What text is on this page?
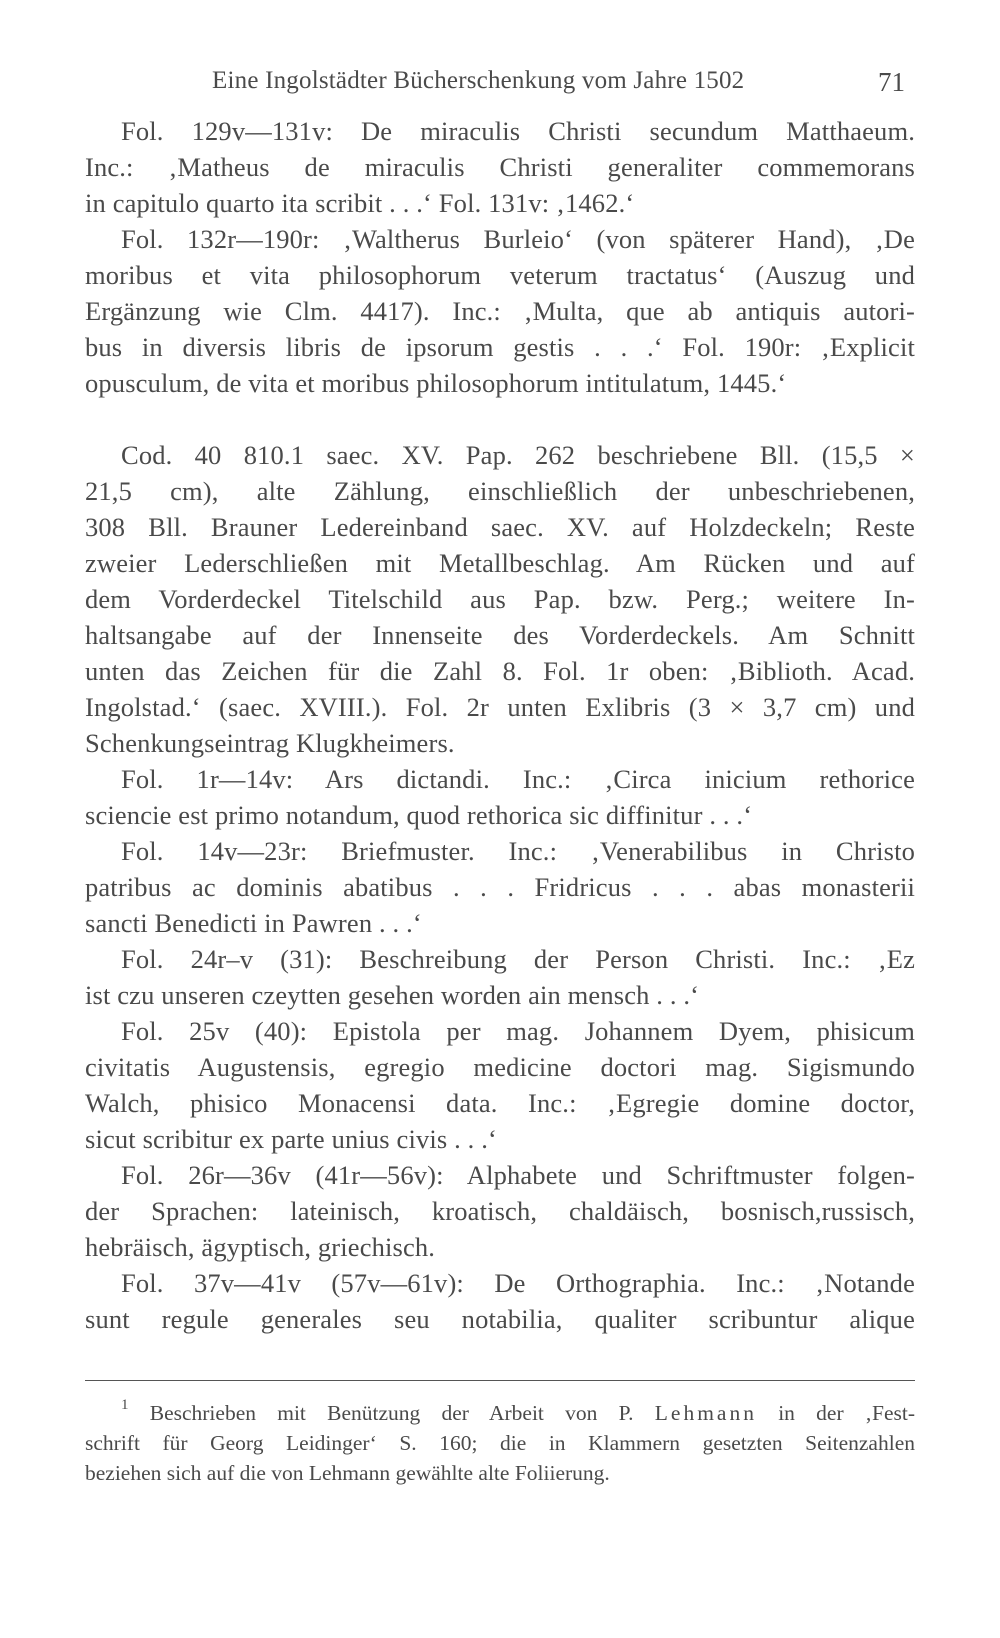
Eine Ingolstädter Bücherschenkung vom Jahre 1502	71
Fol. 129v—131v: De miraculis Christi secundum Matthaeum.
Inc.: ‚Matheus de miraculis Christi generaliter commemorans
in capitulo quarto ita scribit . . .‘ Fol. 131v: ‚1462.‘
Fol. 132r—190r: ‚Waltherus Burleio‘ (von späterer Hand), ‚De
moribus et vita philosophorum veterum tractatus‘ (Auszug und
Ergänzung wie Clm. 4417). Inc.: ‚Multa, que ab antiquis autori-
bus in diversis libris de ipsorum gestis . . .‘ Fol. 190r: ‚Explicit
opusculum, de vita et moribus philosophorum intitulatum, 1445.‘
Cod. 40 810.1 saec. XV. Pap. 262 beschriebene Bll. (15,5 ×
21,5 cm), alte Zählung, einschließlich der unbeschriebenen,
308 Bll. Brauner Ledereinband saec. XV. auf Holzdeckeln; Reste
zweier Lederschließen mit Metallbeschlag. Am Rücken und auf
dem Vorderdeckel Titelschild aus Pap. bzw. Perg.; weitere In-
haltsangabe auf der Innenseite des Vorderdeckels. Am Schnitt
unten das Zeichen für die Zahl 8. Fol. 1r oben: ‚Biblioth. Acad.
Ingolstad.‘ (saec. XVIII.). Fol. 2r unten Exlibris (3 × 3,7 cm) und
Schenkungseintrag Klugkheimers.
Fol. 1r—14v: Ars dictandi. Inc.: ‚Circa inicium rethorice
sciencie est primo notandum, quod rethorica sic diffinitur . . .‘
Fol. 14v—23r: Briefmuster. Inc.: ‚Venerabilibus in Christo
patribus ac dominis abatibus . . . Fridricus . . . abas monasterii
sancti Benedicti in Pawren . . .‘
Fol. 24r–v (31): Beschreibung der Person Christi. Inc.: ‚Ez
ist czu unseren czeytten gesehen worden ain mensch . . .‘
Fol. 25v (40): Epistola per mag. Johannem Dyem, phisicum
civitatis Augustensis, egregio medicine doctori mag. Sigismundo
Walch, phisico Monacensi data. Inc.: ‚Egregie domine doctor,
sicut scribitur ex parte unius civis . . .‘
Fol. 26r—36v (41r—56v): Alphabete und Schriftmuster folgen-
der Sprachen: lateinisch, kroatisch, chaldäisch, bosnisch,russisch,
hebräisch, ägyptisch, griechisch.
Fol. 37v—41v (57v—61v): De Orthographia. Inc.: ‚Notande
sunt regule generales seu notabilia, qualiter scribuntur alique
$^1$ Beschrieben mit Benützung der Arbeit von P. Lehmann in der ‚Fest-
schrift für Georg Leidinger‘ S. 160; die in Klammern gesetzten Seitenzahlen
beziehen sich auf die von Lehmann gewählte alte Foliierung.
